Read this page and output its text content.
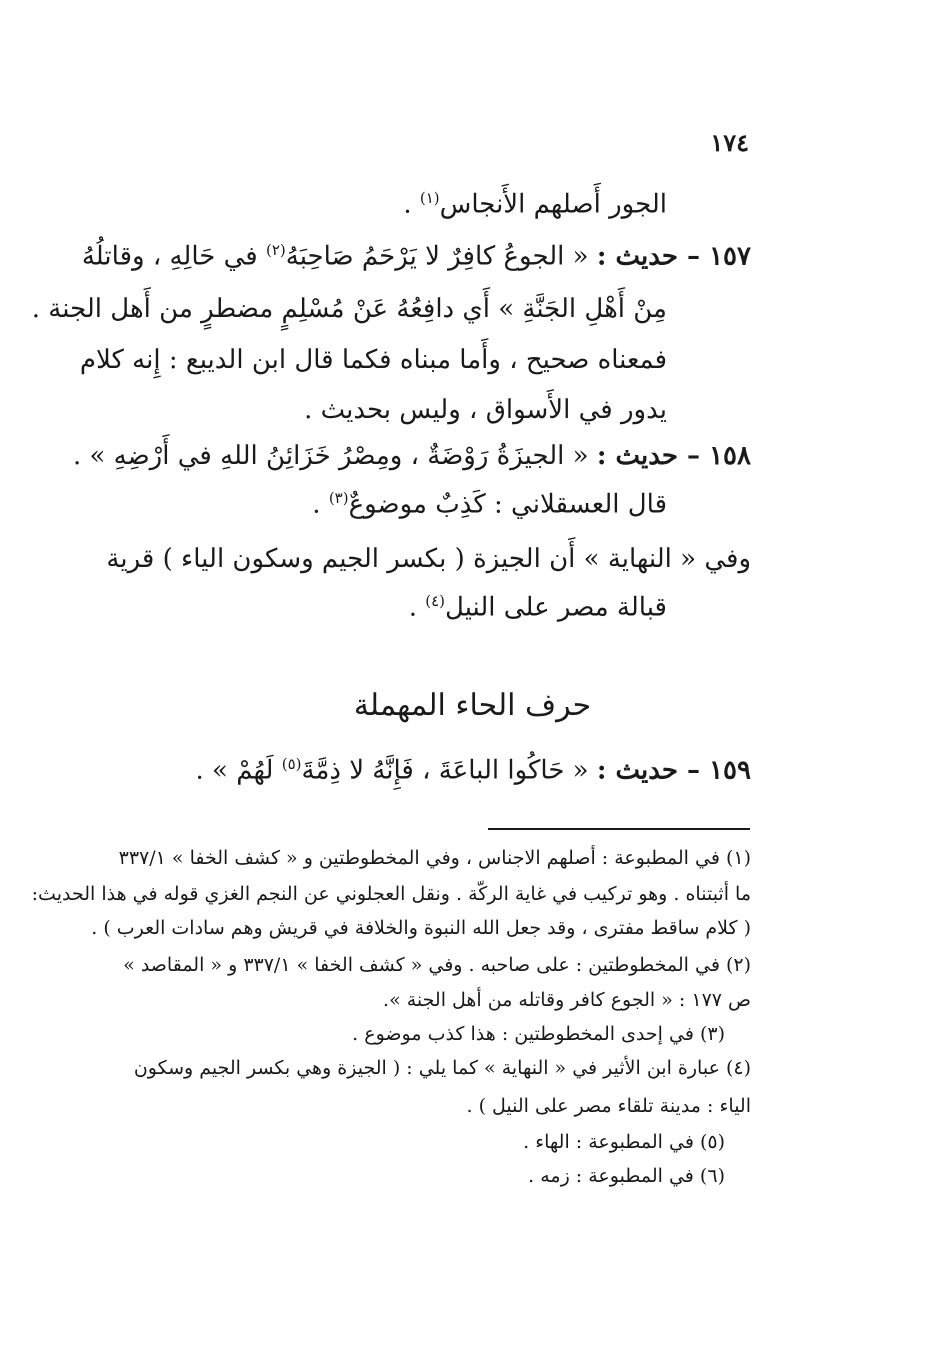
١٧٤
الجور أَصلهم الأَنجاس$^{(١)}$ .
١٥٧ – حديث : « الجوعُ كافِرٌ لا يَرْحَمُ صَاحِبَهُ$^{(٢)}$ في حَالِهِ ، وقاتلُهُ
مِنْ أَهْلِ الجَنَّةِ » أَي دافِعُهُ عَنْ مُسْلِمٍ مضطرٍ من أَهل الجنة .
فمعناه صحيح ، وأَما مبناه فكما قال ابن الديبع : إِنه كلام
يدور في الأَسواق ، وليس بحديث .
١٥٨ – حديث : « الجيزَةُ رَوْضَةٌ ، ومِصْرُ خَزَائِنُ اللهِ في أَرْضِهِ » .
قال العسقلاني : كَذِبٌ موضوعٌ$^{(٣)}$ .
وفي « النهاية » أَن الجيزة ( بكسر الجيم وسكون الياء ) قرية
قبالة مصر على النيل$^{(٤)}$ .
حرف الحاء المهملة
١٥٩ – حديث : « حَاكُوا الباعَةَ ، فَإِنَّهُ لا ذِمَّةَ$^{(٥)}$ لَهُمْ » .
(١) في المطبوعة : أصلهم الاجناس ، وفي المخطوطتين و « كشف الخفا » ٣٣٧/١
ما أثبتناه . وهو تركيب في غاية الركّة . ونقل العجلوني عن النجم الغزي قوله في هذا الحديث:
( كلام ساقط مفترى ، وقد جعل الله النبوة والخلافة في قريش وهم سادات العرب ) .
(٢) في المخطوطتين : على صاحبه . وفي « كشف الخفا » ٣٣٧/١ و « المقاصد »
ص ١٧٧ : « الجوع كافر وقاتله من أهل الجنة ».
(٣) في إحدى المخطوطتين : هذا كذب موضوع .
(٤) عبارة ابن الأثير في « النهاية » كما يلي : ( الجيزة وهي بكسر الجيم وسكون
الياء : مدينة تلقاء مصر على النيل ) .
(٥) في المطبوعة : الهاء .
(٦) في المطبوعة : زمه .
